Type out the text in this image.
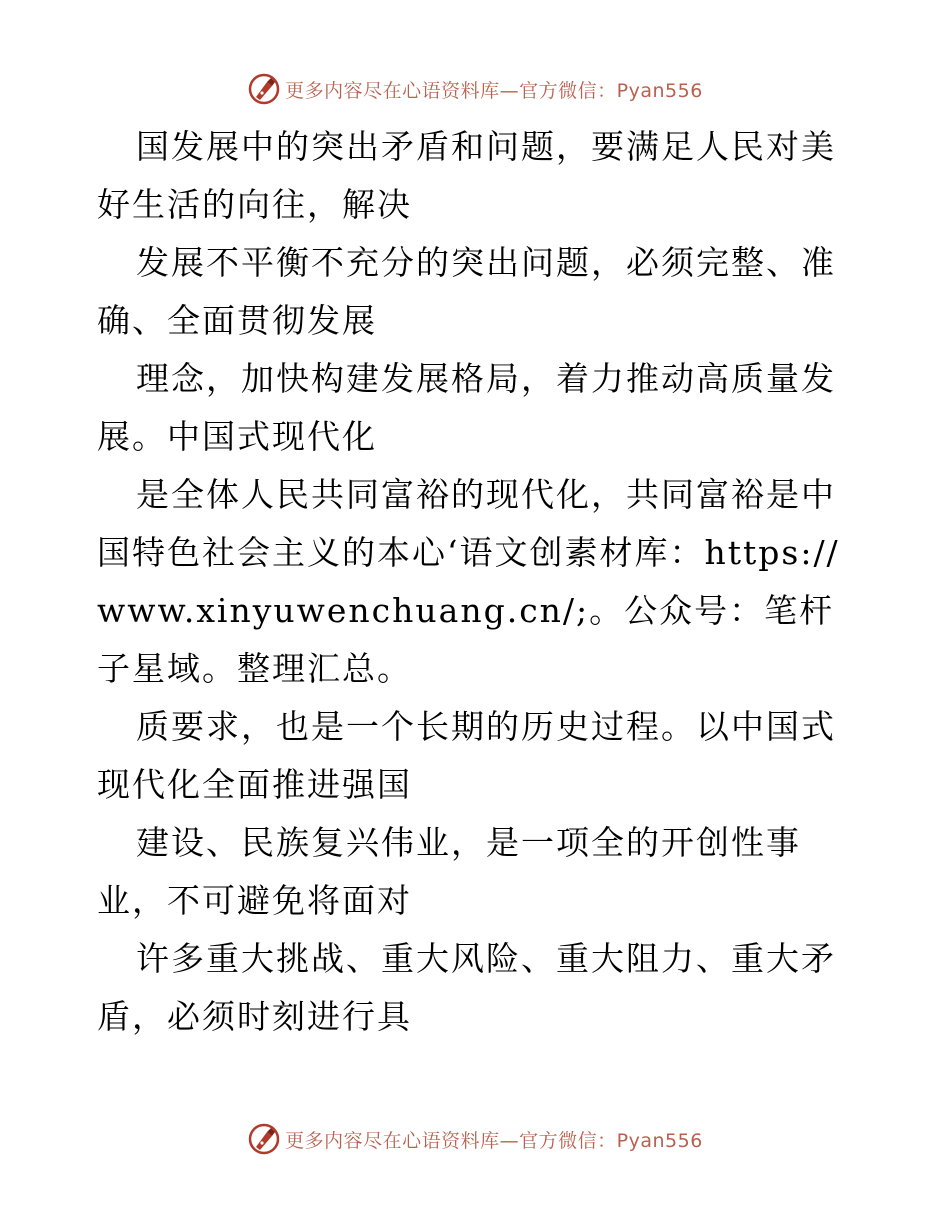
更多内容尽在心语资料库—官方微信：Pyan556

国发展中的突出矛盾和问题，要满足人民对美好生活的向往，解决

发展不平衡不充分的突出问题，必须完整、准确、全面贯彻发展

理念，加快构建发展格局，着力推动高质量发展。中国式现代化

是全体人民共同富裕的现代化，共同富裕是中国特色社会主义的本心‘语文创素材库：https://www.xinyuwenchuang.cn/;。公众号：笔杆子星域。整理汇总。

质要求，也是一个长期的历史过程。以中国式现代化全面推进强国

建设、民族复兴伟业，是一项全的开创性事业，不可避免将面对

许多重大挑战、重大风险、重大阻力、重大矛盾，必须时刻进行具

更多内容尽在心语资料库—官方微信：Pyan556
